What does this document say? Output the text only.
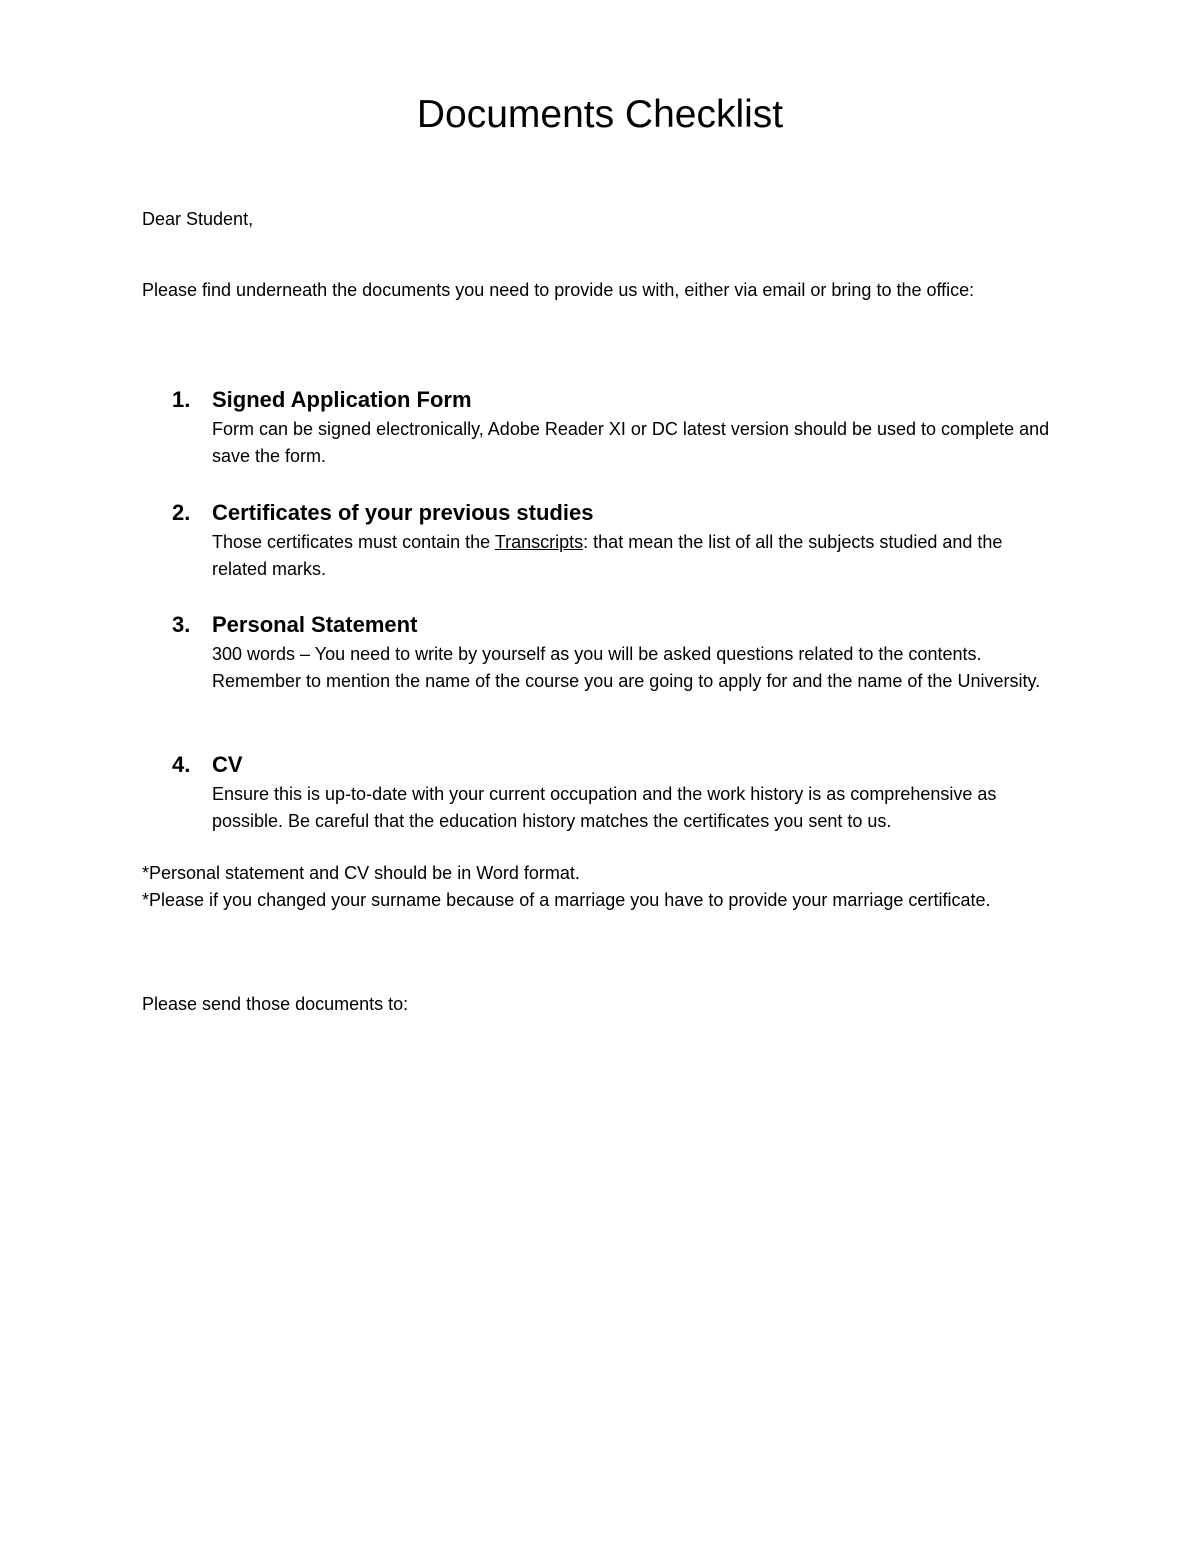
Documents Checklist

Dear Student,

Please find underneath the documents you need to provide us with, either via email or bring to the office:

1. Signed Application Form

Form can be signed electronically, Adobe Reader XI or DC latest version should be used to complete and save the form.

2. Certificates of your previous studies

Those certificates must contain the Transcripts: that mean the list of all the subjects studied and the related marks.

3. Personal Statement

300 words – You need to write by yourself as you will be asked questions related to the contents. Remember to mention the name of the course you are going to apply for and the name of the University.

4. CV

Ensure this is up-to-date with your current occupation and the work history is as comprehensive as possible. Be careful that the education history matches the certificates you sent to us.

*Personal statement and CV should be in Word format.

*Please if you changed your surname because of a marriage you have to provide your marriage certificate.

Please send those documents to:
